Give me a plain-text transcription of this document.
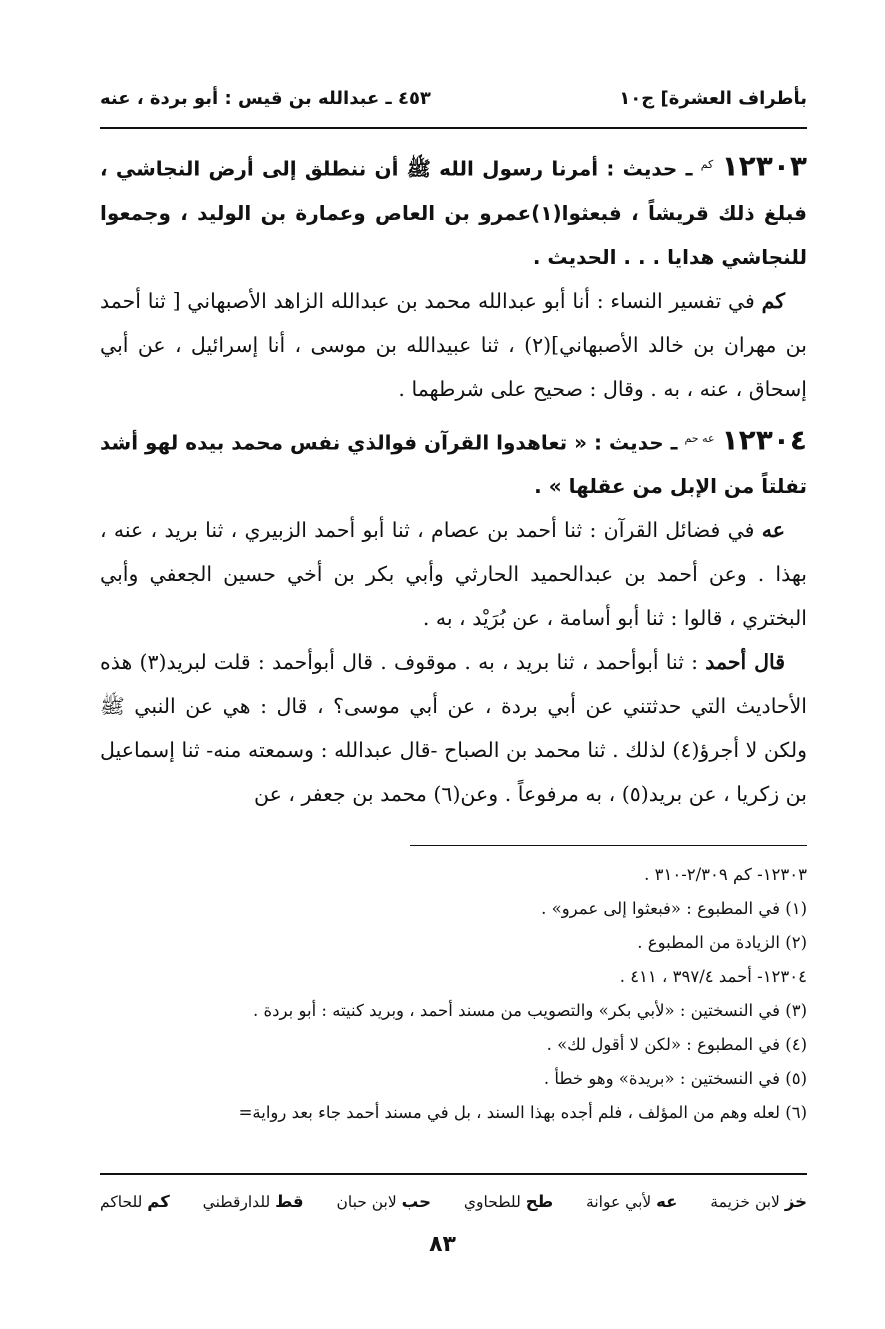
بأطراف العشرة] ج١٠
٤٥٣ ـ عبدالله بن قيس : أبو بردة ، عنه

١٢٣٠٣ $^{كم}$ ـ حديث : أمرنا رسول الله ﷺ أن ننطلق إلى أرض النجاشي ، فبلغ ذلك قريشاً ، فبعثوا(١)عمرو بن العاص وعمارة بن الوليد ، وجمعوا للنجاشي هدايا . . . الحديث .

كم في تفسير النساء : أنا أبو عبدالله محمد بن عبدالله الزاهد الأصبهاني [ ثنا أحمد بن مهران بن خالد الأصبهاني](٢) ، ثنا عبيدالله بن موسى ، أنا إسرائيل ، عن أبي إسحاق ، عنه ، به . وقال : صحيح على شرطهما .

١٢٣٠٤ $^{عه حم}$ ـ حديث : « تعاهدوا القرآن فوالذي نفس محمد بيده لهو أشد تفلتاً من الإبل من عقلها » .

عه في فضائل القرآن : ثنا أحمد بن عصام ، ثنا أبو أحمد الزبيري ، ثنا بريد ، عنه ، بهذا . وعن أحمد بن عبدالحميد الحارثي وأبي بكر بن أخي حسين الجعفي وأبي البختري ، قالوا : ثنا أبو أسامة ، عن بُرَيْد ، به .

قال أحمد : ثنا أبوأحمد ، ثنا بريد ، به . موقوف . قال أبوأحمد : قلت لبريد(٣) هذه الأحاديث التي حدثتني عن أبي بردة ، عن أبي موسى؟ ، قال : هي عن النبي ﷺ ولكن لا أجرؤ(٤) لذلك . ثنا محمد بن الصباح -قال عبدالله : وسمعته منه- ثنا إسماعيل بن زكريا ، عن بريد(٥) ، به مرفوعاً . وعن(٦) محمد بن جعفر ، عن

١٢٣٠٣- كم ٢/٣٠٩-٣١٠ .

(١) في المطبوع : «فبعثوا إلى عمرو» .

(٢) الزيادة من المطبوع .

١٢٣٠٤- أحمد ٣٩٧/٤ ، ٤١١ .

(٣) في النسختين : «لأبي بكر» والتصويب من مسند أحمد ، وبريد كنيته : أبو بردة .

(٤) في المطبوع : «لكن لا أقول لك» .

(٥) في النسختين : «بريدة» وهو خطأ .

(٦) لعله وهم من المؤلف ، فلم أجده بهذا السند ، بل في مسند أحمد جاء بعد رواية=

خز لابن خزيمة
عه لأبي عوانة
طح للطحاوي
حب لابن حبان
قط للدارقطني
كم للحاكم
٨٣
